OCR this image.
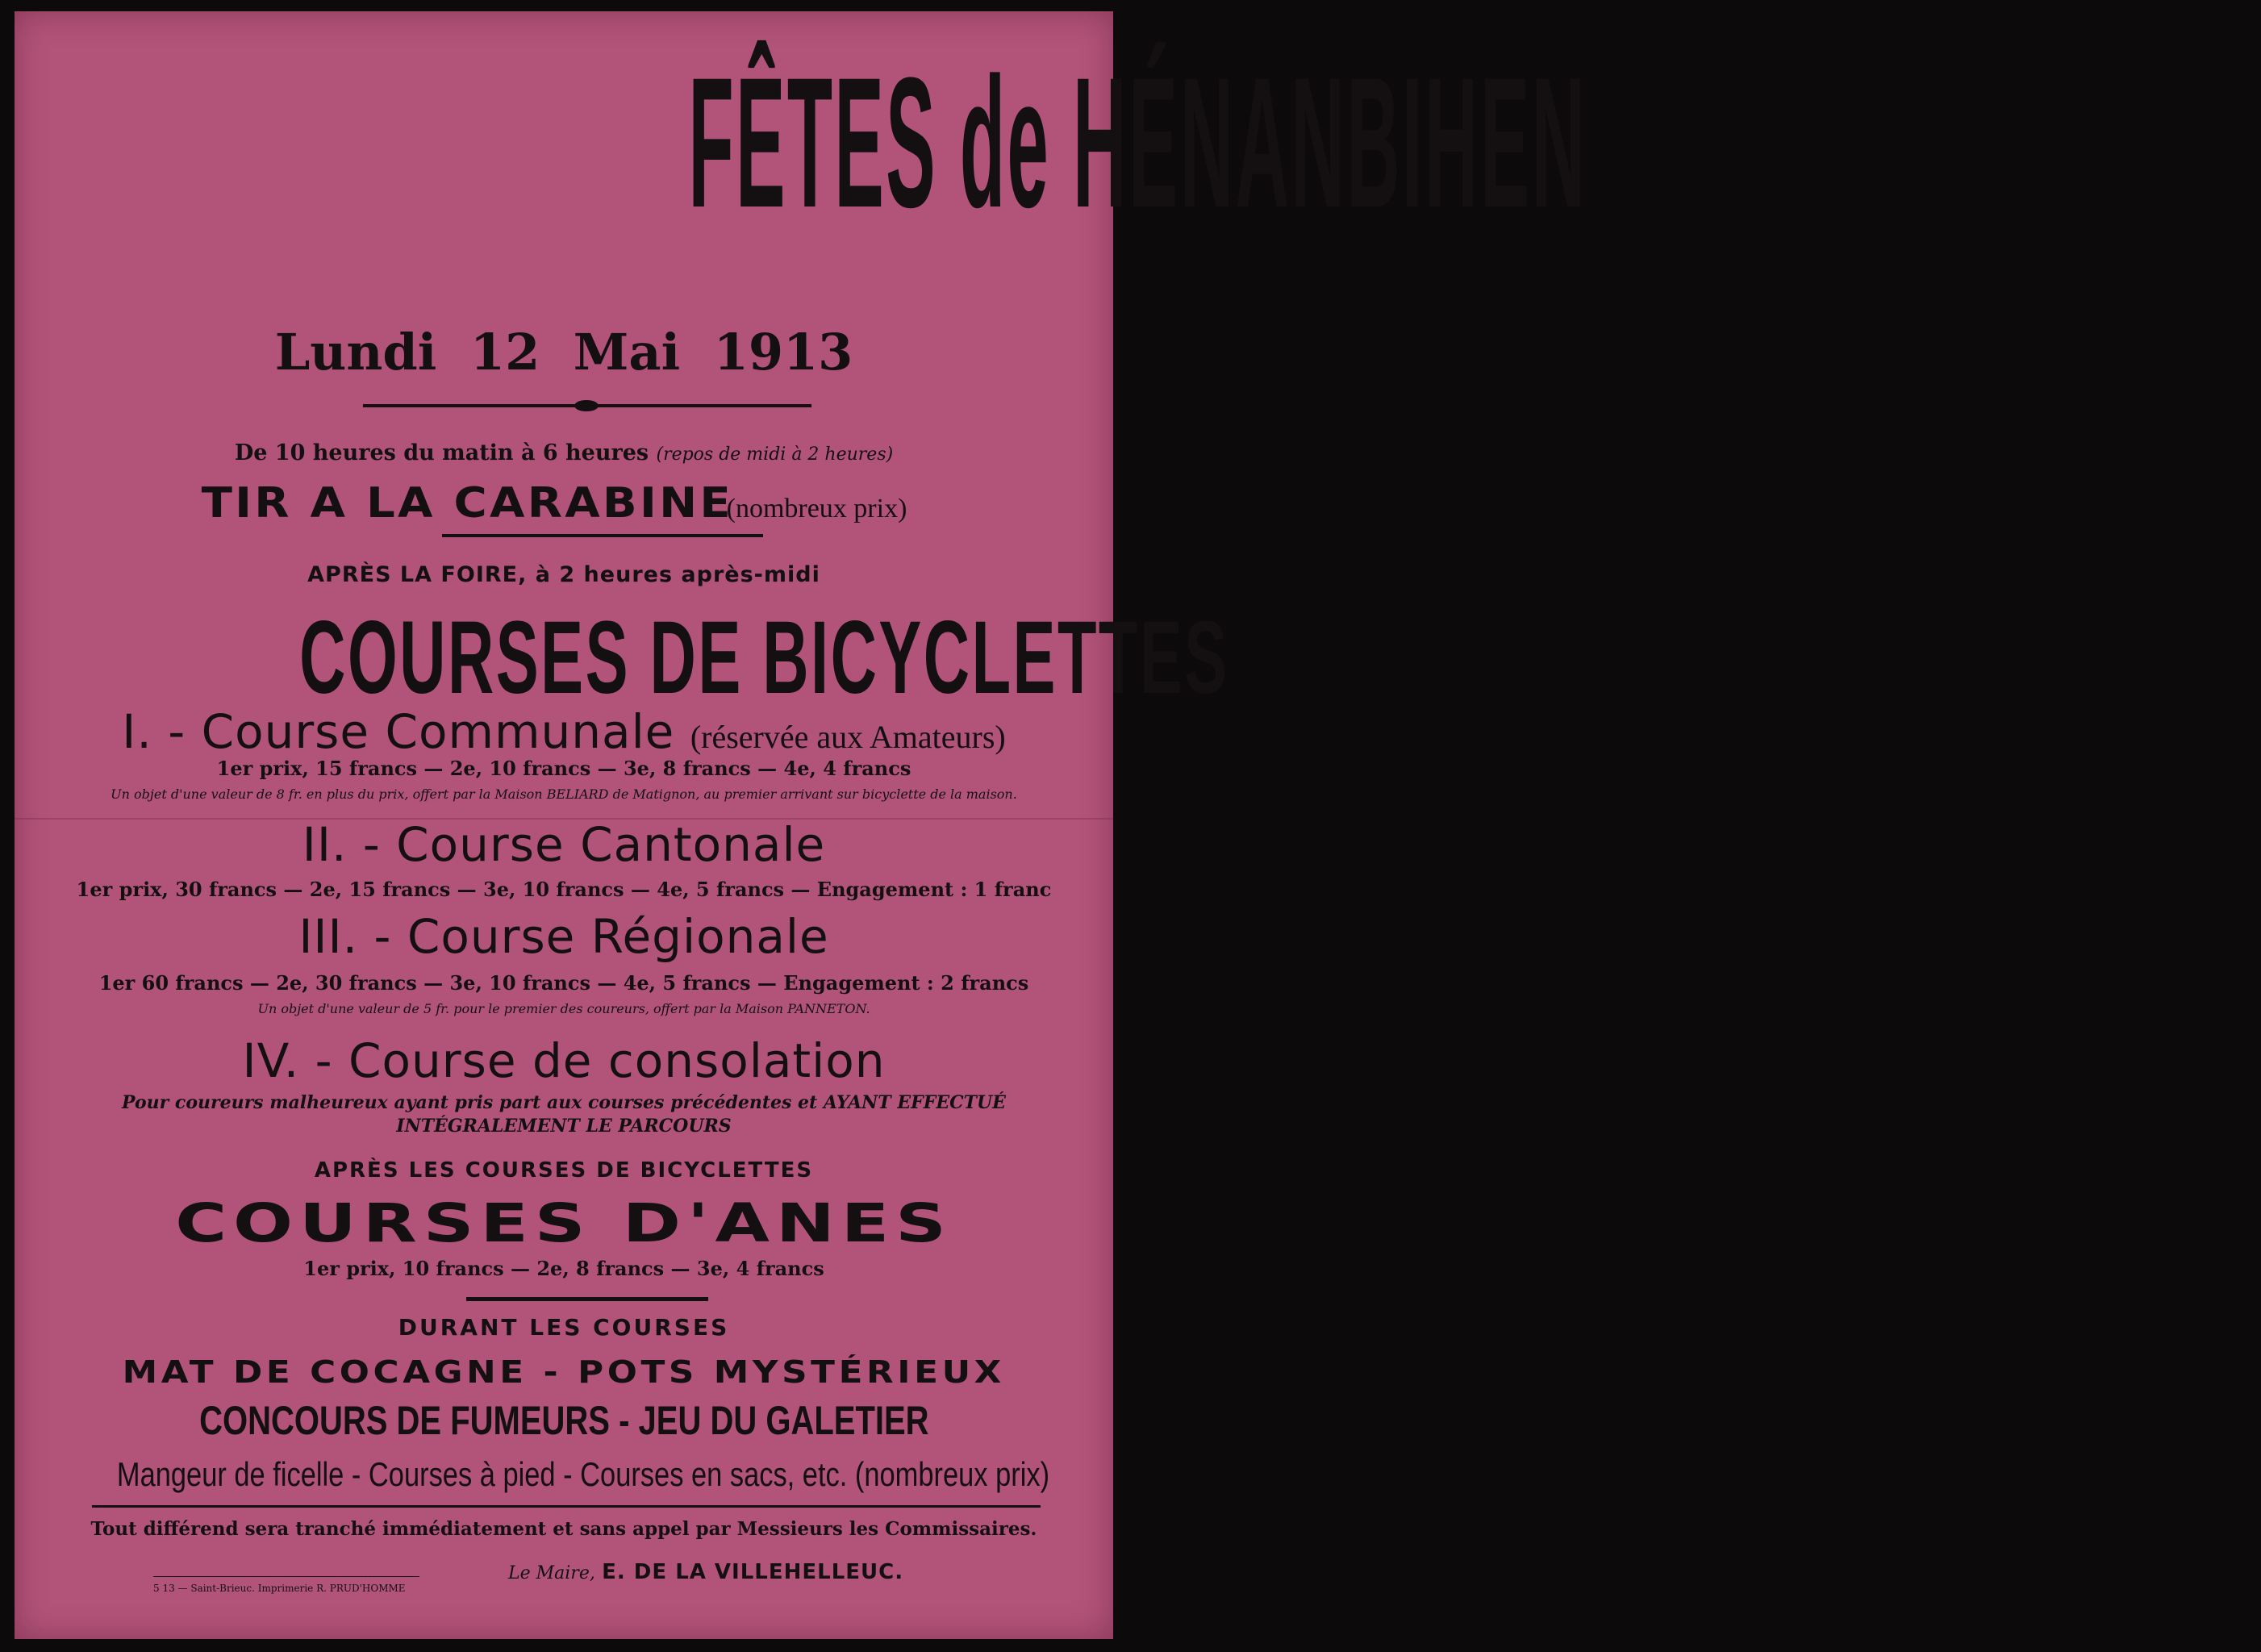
FÊTES de HÉNANBIHEN
Lundi 12 Mai 1913
De 10 heures du matin à 6 heures (repos de midi à 2 heures)
TIR A LA CARABINE (nombreux prix)
APRÈS LA FOIRE, à 2 heures après-midi
COURSES DE BICYCLETTES
I. - Course Communale (réservée aux Amateurs)
1er prix, 15 francs — 2e, 10 francs — 3e, 8 francs — 4e, 4 francs
Un objet d'une valeur de 8 fr. en plus du prix, offert par la Maison BELIARD de Matignon, au premier arrivant sur bicyclette de la maison.
II. - Course Cantonale
1er prix, 30 francs — 2e, 15 francs — 3e, 10 francs — 4e, 5 francs — Engagement : 1 franc
III. - Course Régionale
1er 60 francs — 2e, 30 francs — 3e, 10 francs — 4e, 5 francs — Engagement : 2 francs
Un objet d'une valeur de 5 fr. pour le premier des coureurs, offert par la Maison PANNETON.
IV. - Course de consolation
Pour coureurs malheureux ayant pris part aux courses précédentes et AYANT EFFECTUÉ
INTÉGRALEMENT LE PARCOURS
APRÈS LES COURSES DE BICYCLETTES
COURSES D'ANES
1er prix, 10 francs — 2e, 8 francs — 3e, 4 francs
DURANT LES COURSES
MAT DE COCAGNE - POTS MYSTÉRIEUX
CONCOURS DE FUMEURS - JEU DU GALETIER
Mangeur de ficelle - Courses à pied - Courses en sacs, etc. (nombreux prix)
Tout différend sera tranché immédiatement et sans appel par Messieurs les Commissaires.
Le Maire, E. DE LA VILLEHELLEUC.
5 13 — Saint-Brieuc. Imprimerie R. PRUD'HOMME
